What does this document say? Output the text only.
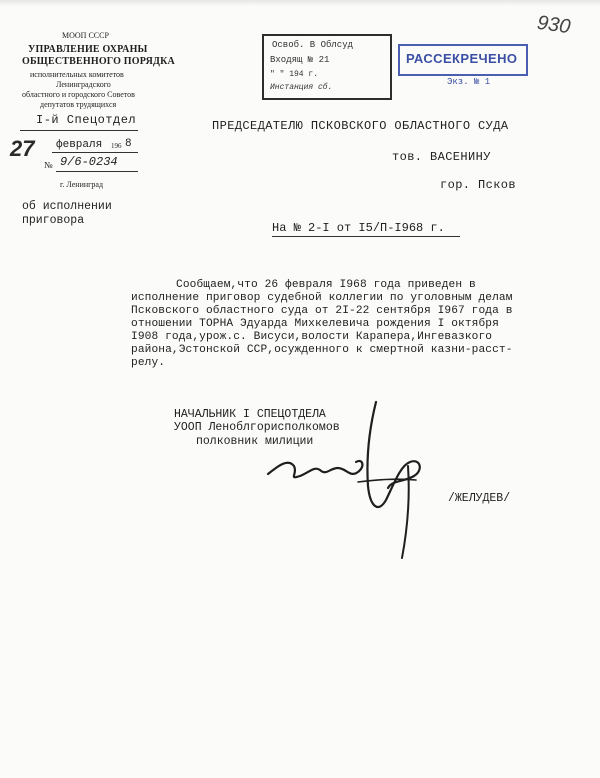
930
МООП СССР
УПРАВЛЕНИЕ ОХРАНЫ
ОБЩЕСТВЕННОГО ПОРЯДКА
исполнительных комитетов
Ленинградского
областного и городского Советов
депутатов трудящихся
I-й Спецотдел
27 февраля 196 8
№ 9/6-0234
г. Ленинград
об исполнении
приговора
Освоб. В Облсуд
Входящ № 21
" " 194 г.
Инстанция сб.
РАССЕКРЕЧЕНО
Экз. № 1
ПРЕДСЕДАТЕЛЮ ПСКОВСКОГО ОБЛАСТНОГО СУДА
тов. ВАСЕНИНУ
гор. Псков
На № 2-I от I5/П-I968 г.
Сообщаем,что 26 февраля I968 года приведен в
исполнение приговор судебной коллегии по уголовным делам
Псковского областного суда от 2I-22 сентября I967 года в
отношении ТОРНА Эдуарда Михкелевича рождения I октября
I908 года,урож.с. Висуси,волости Карапера,Ингевазкого
района,Эстонской ССР,осужденного к смертной казни-расст-
релу.
НАЧАЛЬНИК I СПЕЦОТДЕЛА
УООП Леноблгорисполкомов
полковник милиции
/ЖЕЛУДЕВ/
